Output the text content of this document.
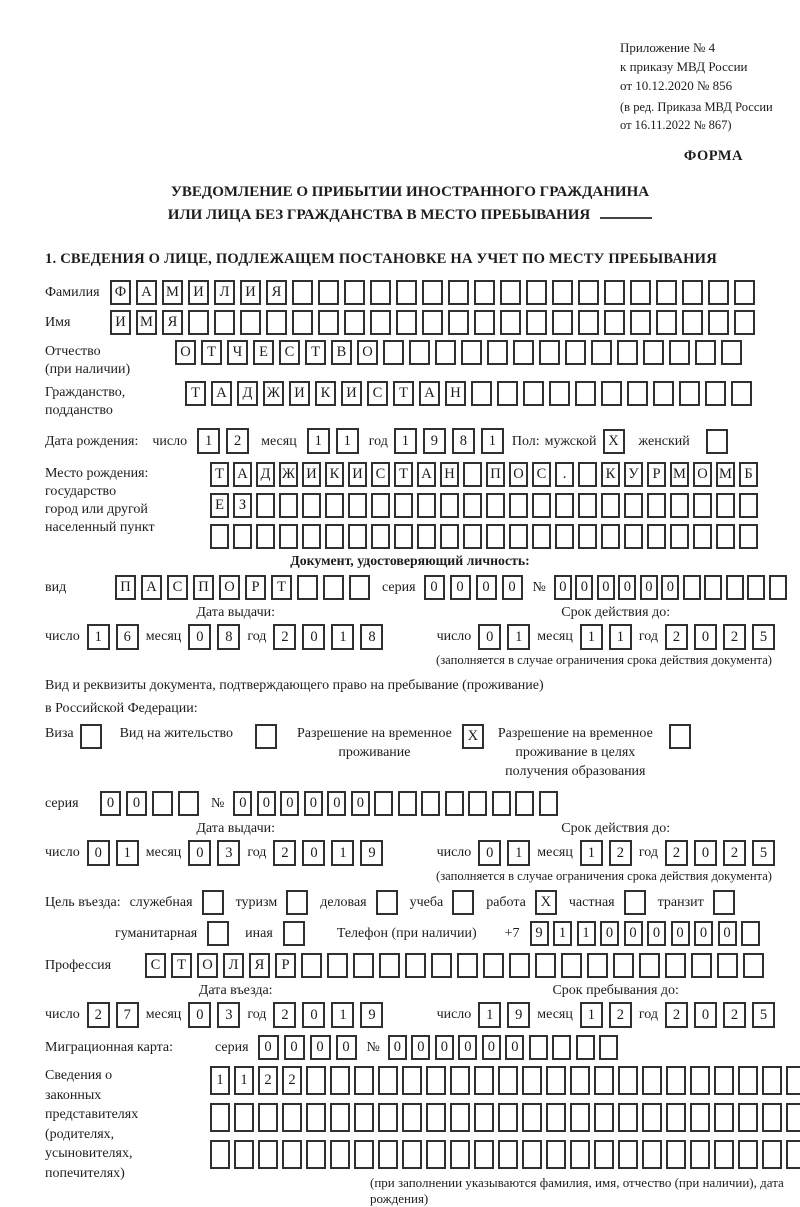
Приложение № 4
к приказу МВД России
от 10.12.2020 № 856
(в ред. Приказа МВД России
от 16.11.2022 № 867)
ФОРМА
УВЕДОМЛЕНИЕ О ПРИБЫТИИ ИНОСТРАННОГО ГРАЖДАНИНА
ИЛИ ЛИЦА БЕЗ ГРАЖДАНСТВА В МЕСТО ПРЕБЫВАНИЯ
1. СВЕДЕНИЯ О ЛИЦЕ, ПОДЛЕЖАЩЕМ ПОСТАНОВКЕ НА УЧЕТ ПО МЕСТУ ПРЕБЫВАНИЯ
Фамилия	Ф	А М И	Л	И	Я
Имя	И М	Я
Отчество
(при наличии)
О	Т	Ч	Е	С	Т	В	О
Гражданство,
подданство
Т	А	Д	Ж И	К	И	С	Т	А	Н
Дата рождения: число	1	2	месяц	1	1	год 1	9	8	1	Пол: мужской X	женский
Место рождения:
государство
город или другой
населенный пункт
Т А Д Ж И К И С Т А Н П О С	.	К У Р М О М Б
Е	З
Документ, удостоверяющий личность:
вид	П	А	С	П	О	Р	Т	серия	0	0	0	0	№ 0 0 0 0 0 0
Дата выдачи:	Срок действия до:
число	1	6	месяц	0	8	год	2	0	1	8	число	0	1	месяц	1	1	год	2	0	2	5
(заполняется в случае ограничения срока действия документа)
Вид и реквизиты документа, подтверждающего право на пребывание (проживание)
в Российской Федерации:
Виза	Вид на жительство	Разрешение на временное
проживание
X	Разрешение на временное
проживание в целях
получения образования
серия	0	0	№	0	0	0	0	0	0
Дата выдачи:	Срок действия до:
число	0	1	месяц	0	3	год	2	0	1	9	число	0	1	месяц	1	2	год	2	0	2	5
(заполняется в случае ограничения срока действия документа)
Цель въезда: служебная	туризм	деловая	учеба	работа	X	частная	транзит
гуманитарная	иная	Телефон (при наличии) +7	9	1	1	0	0	0	0	0	0
Профессия	С	Т	О	Л	Я	Р
Дата въезда:	Срок пребывания до:
число	2	7	месяц	0	3	год	2	0	1	9	число	1	9	месяц	1	2	год	2	0	2	5
Миграционная карта:	серия	0	0	0	0	№ 0	0	0	0	0	0
Сведения о
законных
представителях
(родителях,
усыновителях,
попечителях)
1	1	2	2
(при заполнении указываются фамилия, имя, отчество (при наличии), дата рождения)
